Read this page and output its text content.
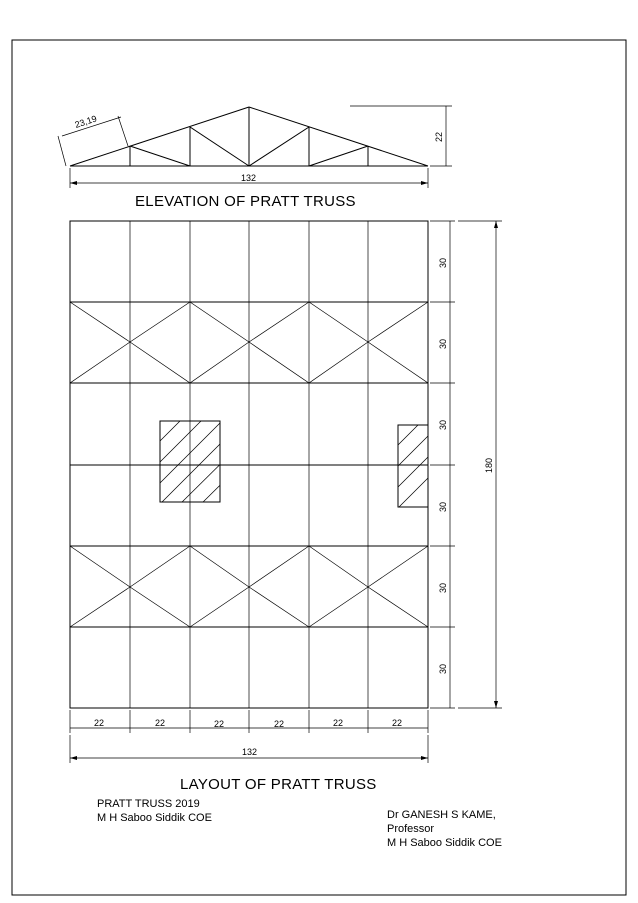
23,19
22
132
ELEVATION OF PRATT TRUSS
30
30
30
30
30
30
180
22	22	22	22	22	22
132
LAYOUT OF PRATT TRUSS
PRATT TRUSS 2019
M H Saboo Siddik COE	Dr GANESH S KAME,
Professor
M H Saboo Siddik COE
